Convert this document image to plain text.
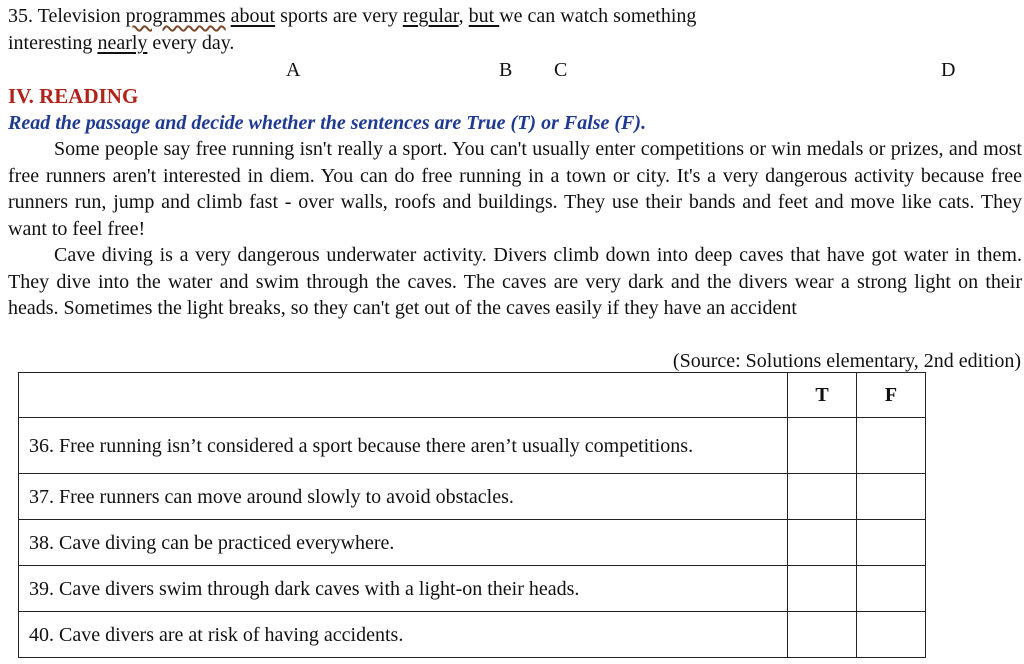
35. Television programmes about sports are very regular, but we can watch something
interesting nearly every day.
A	B C	D
IV. READING
Read the passage and decide whether the sentences are True (T) or False (F).

Some people say free running isn't really a sport. You can't usually enter competitions or win medals or prizes, and most free runners aren't interested in diem. You can do free running in a town or city. It's a very dangerous activity because free runners run, jump and climb fast - over walls, roofs and buildings. They use their bands and feet and move like cats. They want to feel free!

Cave diving is a very dangerous underwater activity. Divers climb down into deep caves that have got water in them. They dive into the water and swim through the caves. The caves are very dark and the divers wear a strong light on their heads. Sometimes the light breaks, so they can't get out of the caves easily if they have an accident

(Source: Solutions elementary, 2nd edition)
	T	F
36. Free running isn’t considered a sport because there aren’t usually competitions.		
37. Free runners can move around slowly to avoid obstacles.		
38. Cave diving can be practiced everywhere.		
39. Cave divers swim through dark caves with a light-on their heads.		
40. Cave divers are at risk of having accidents.		
